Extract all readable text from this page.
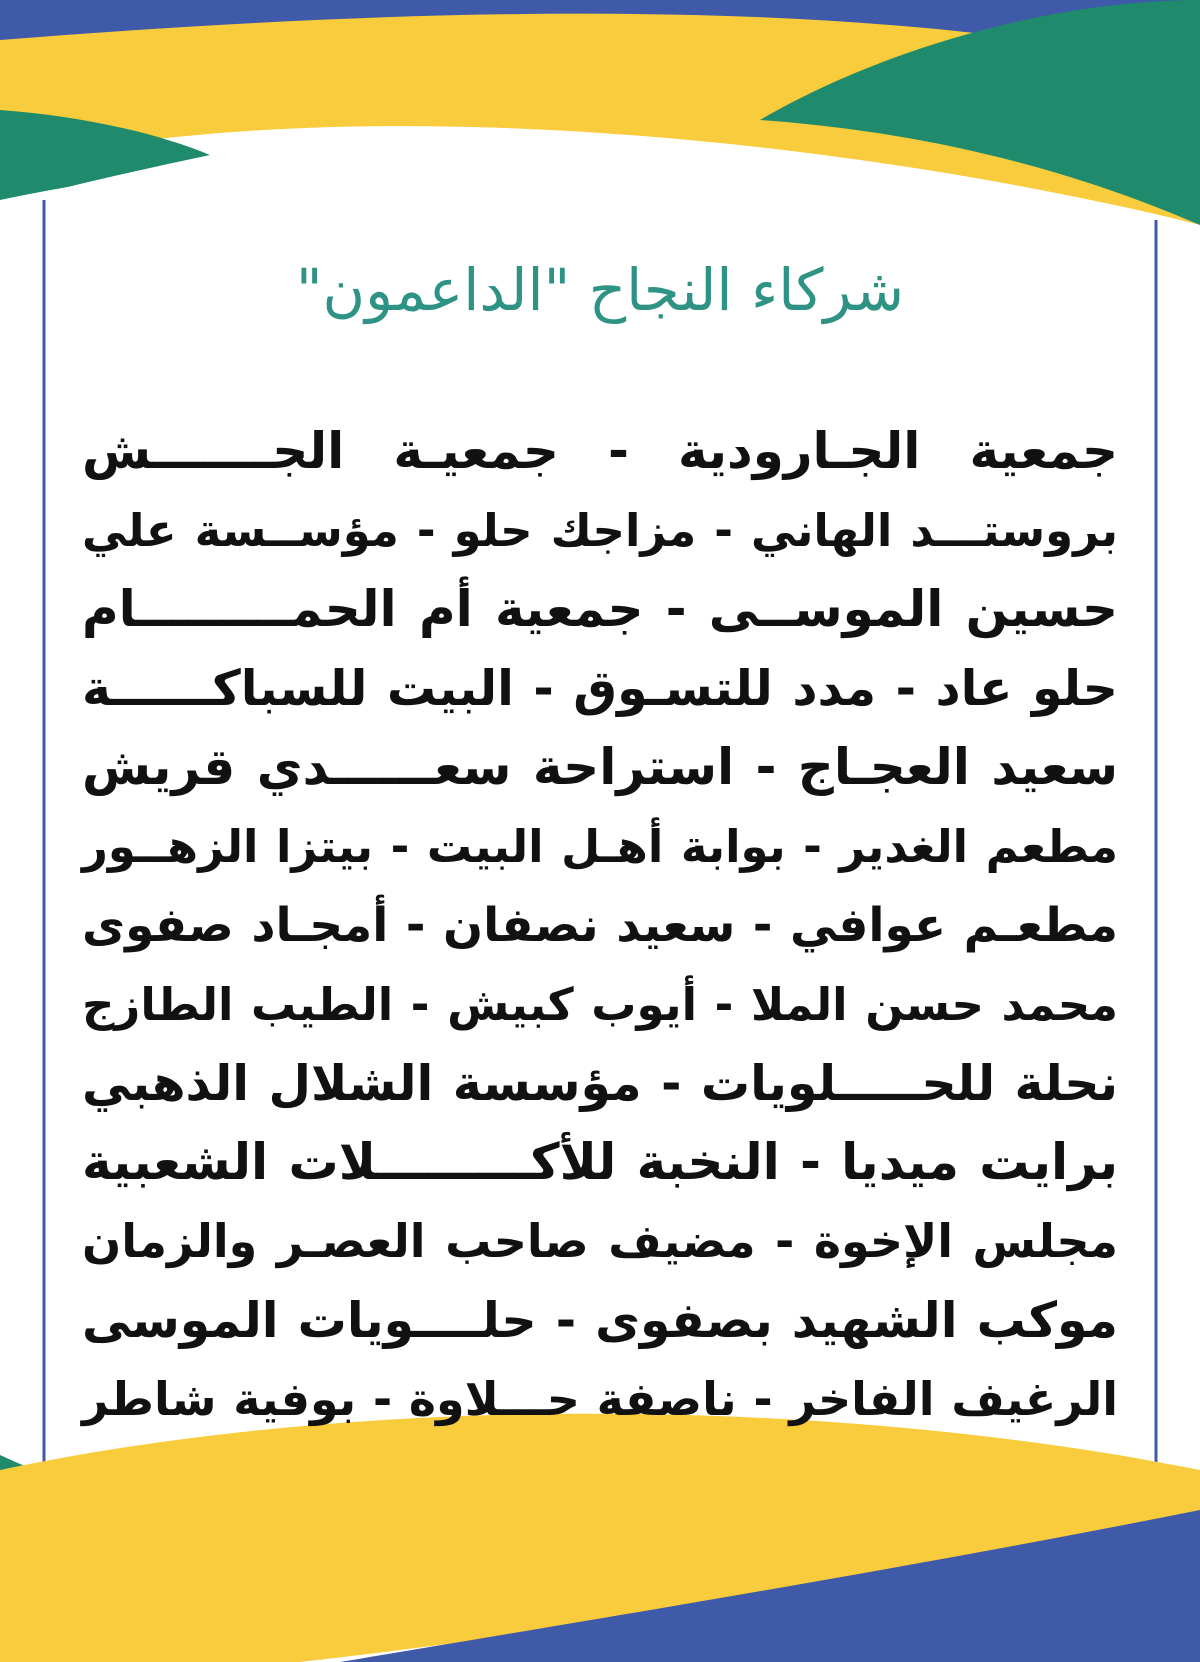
شركاء النجاح "الداعمون"
جمعية الجـارودية - جمعيـة الجـــــــش
بروستـــد الهاني - مزاجك حلو - مؤســسة علي
حسين الموســى - جمعية أم الحمـــــــــام
حلو عاد - مدد للتسـوق - البيت للسباكــــــة
سعيد العجـاج - استراحة سعــــــدي قريش
مطعم الغدير - بوابة أهـل البيت - بيتزا الزهــور
مطعـم عوافي - سعيد نصفان - أمجـاد صفوى
محمد حسن الملا - أيوب كبيش - الطيب الطازج
نحلة للحـــــلويات - مؤسسة الشلال الذهبي
برايت ميديا - النخبة للأكـــــــــلات الشعبية
مجلس الإخوة - مضيف صاحب العصـر والزمان
موكب الشهيد بصفوى - حلــــويات الموسى
الرغيف الفاخر - ناصفة حـــلاوة - بوفية شاطر
